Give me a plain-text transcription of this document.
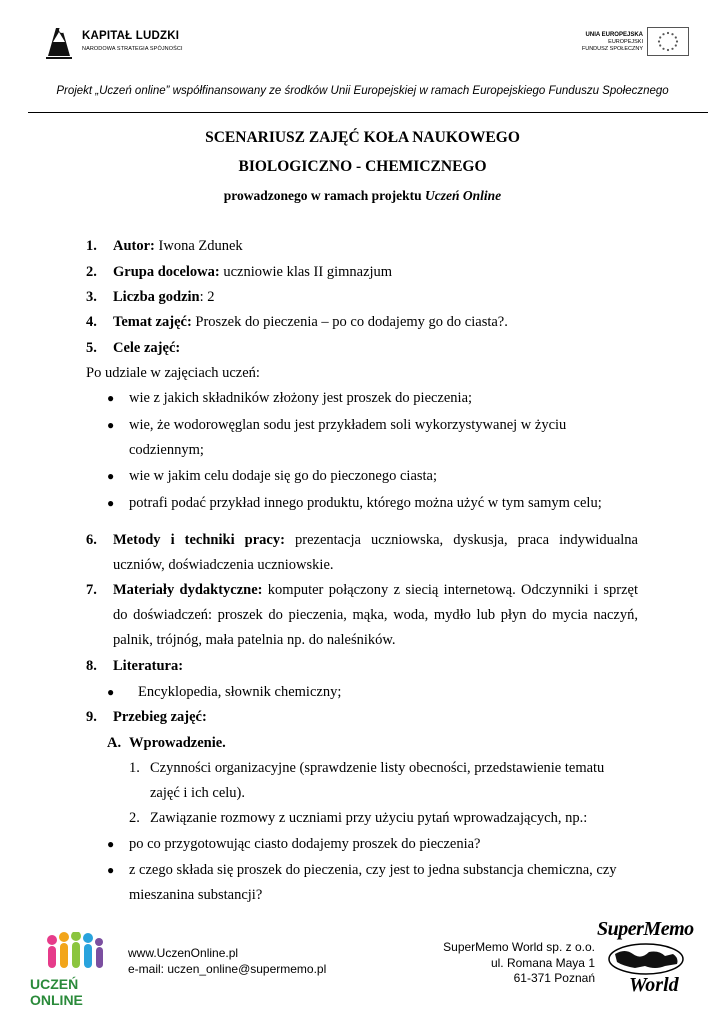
KAPITAŁ LUDZKI
NARODOWA STRATEGIA SPÓJNOŚCI
UNIA EUROPEJSKA
EUROPEJSKI
FUNDUSZ SPOŁECZNY
Projekt „Uczeń online” współfinansowany ze środków Unii Europejskiej w ramach Europejskiego Funduszu Społecznego
SCENARIUSZ ZAJĘĆ KOŁA NAUKOWEGO
BIOLOGICZNO - CHEMICZNEGO
prowadzonego w ramach projektu Uczeń Online
1. Autor: Iwona Zdunek
2. Grupa docelowa: uczniowie klas II gimnazjum
3. Liczba godzin: 2
4. Temat zajęć: Proszek do pieczenia – po co dodajemy go do ciasta?.
5. Cele zajęć:
Po udziale w zajęciach uczeń:
● wie z jakich składników złożony jest proszek do pieczenia;
● wie, że wodorowęglan sodu jest przykładem soli wykorzystywanej w życiu
codziennym;
● wie w jakim celu dodaje się go do pieczonego ciasta;
● potrafi podać przykład innego produktu, którego można użyć w tym samym celu;
6. Metody i techniki pracy: prezentacja uczniowska, dyskusja, praca indywidualna
uczniów, doświadczenia uczniowskie.
7. Materiały dydaktyczne: komputer połączony z siecią internetową. Odczynniki i sprzęt
do doświadczeń: proszek do pieczenia, mąka, woda, mydło lub płyn do mycia naczyń,
palnik, trójnóg, mała patelnia np. do naleśników.
8. Literatura:
● Encyklopedia, słownik chemiczny;
9. Przebieg zajęć:
A. Wprowadzenie.
1. Czynności organizacyjne (sprawdzenie listy obecności, przedstawienie tematu
zajęć i ich celu).
2. Zawiązanie rozmowy z uczniami przy użyciu pytań wprowadzających, np.:
● po co przygotowując ciasto dodajemy proszek do pieczenia?
● z czego składa się proszek do pieczenia, czy jest to jedna substancja chemiczna, czy
mieszanina substancji?
UCZEŃ ONLINE
www.UczenOnline.pl
e-mail: uczen_online@supermemo.pl
SuperMemo World sp. z o.o.
ul. Romana Maya 1
61-371 Poznań
SuperMemo
World
